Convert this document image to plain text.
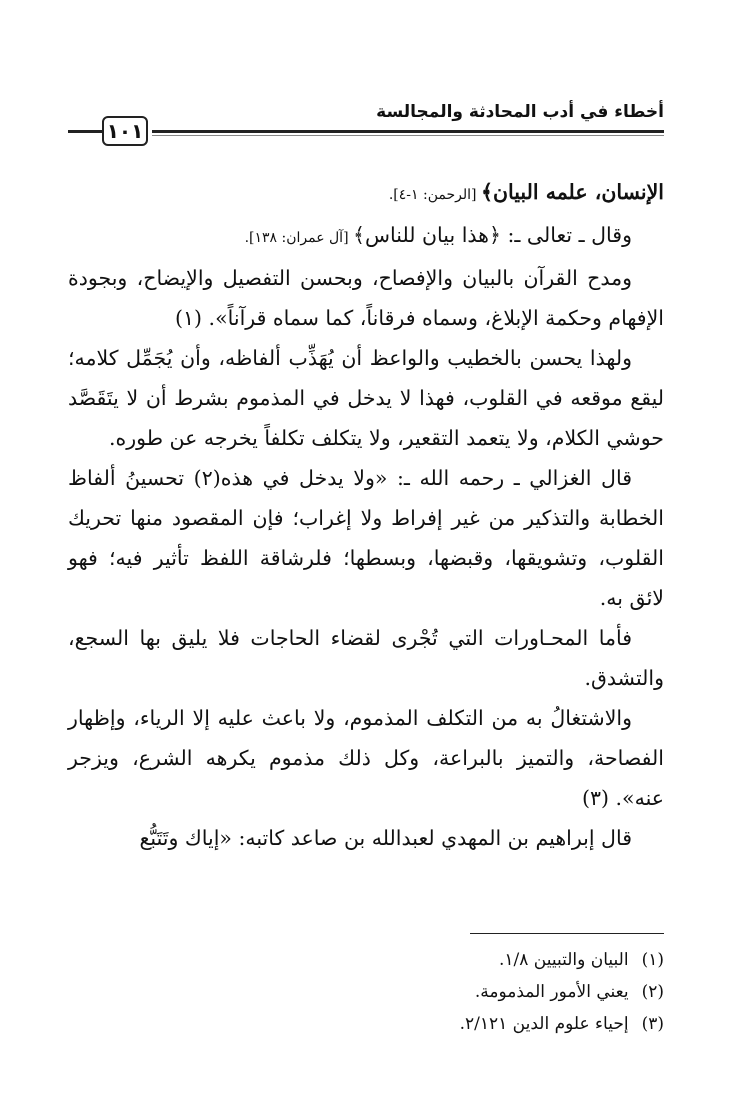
أخطاء في أدب المحادثة والمجالسة
١٠١

الإنسان، علمه البيان﴾ [الرحمن: ١-٤].

وقال ـ تعالى ـ: ﴿هذا بيان للناس﴾ [آل عمران: ١٣٨].

ومدح القرآن بالبيان والإفصاح، وبحسن التفصيل والإيضاح، وبجودة الإفهام وحكمة الإبلاغ، وسماه فرقاناً، كما سماه قرآناً». (١)

ولهذا يحسن بالخطيب والواعظ أن يُهَذِّب ألفاظه، وأن يُجَمِّل كلامه؛ ليقع موقعه في القلوب، فهذا لا يدخل في المذموم بشرط أن لا يتَقَصَّد حوشي الكلام، ولا يتعمد التقعير، ولا يتكلف تكلفاً يخرجه عن طوره.

قال الغزالي ـ رحمه الله ـ: «ولا يدخل في هذه(٢) تحسينُ ألفاظ الخطابة والتذكير من غير إفراط ولا إغراب؛ فإن المقصود منها تحريك القلوب، وتشويقها، وقبضها، وبسطها؛ فلرشاقة اللفظ تأثير فيه؛ فهو لائق به.

فأما المحـاورات التي تُجْرى لقضاء الحاجات فلا يليق بها السجع، والتشدق.

والاشتغالُ به من التكلف المذموم، ولا باعث عليه إلا الرياء، وإظهار الفصاحة، والتميز بالبراعة، وكل ذلك مذموم يكرهه الشرع، ويزجر عنه». (٣)

قال إبراهيم بن المهدي لعبدالله بن صاعد كاتبه: «إياك وتَتَبُّع

(١) البيان والتبيين ١/٨.
(٢) يعني الأمور المذمومة.
(٣) إحياء علوم الدين ٢/١٢١.
